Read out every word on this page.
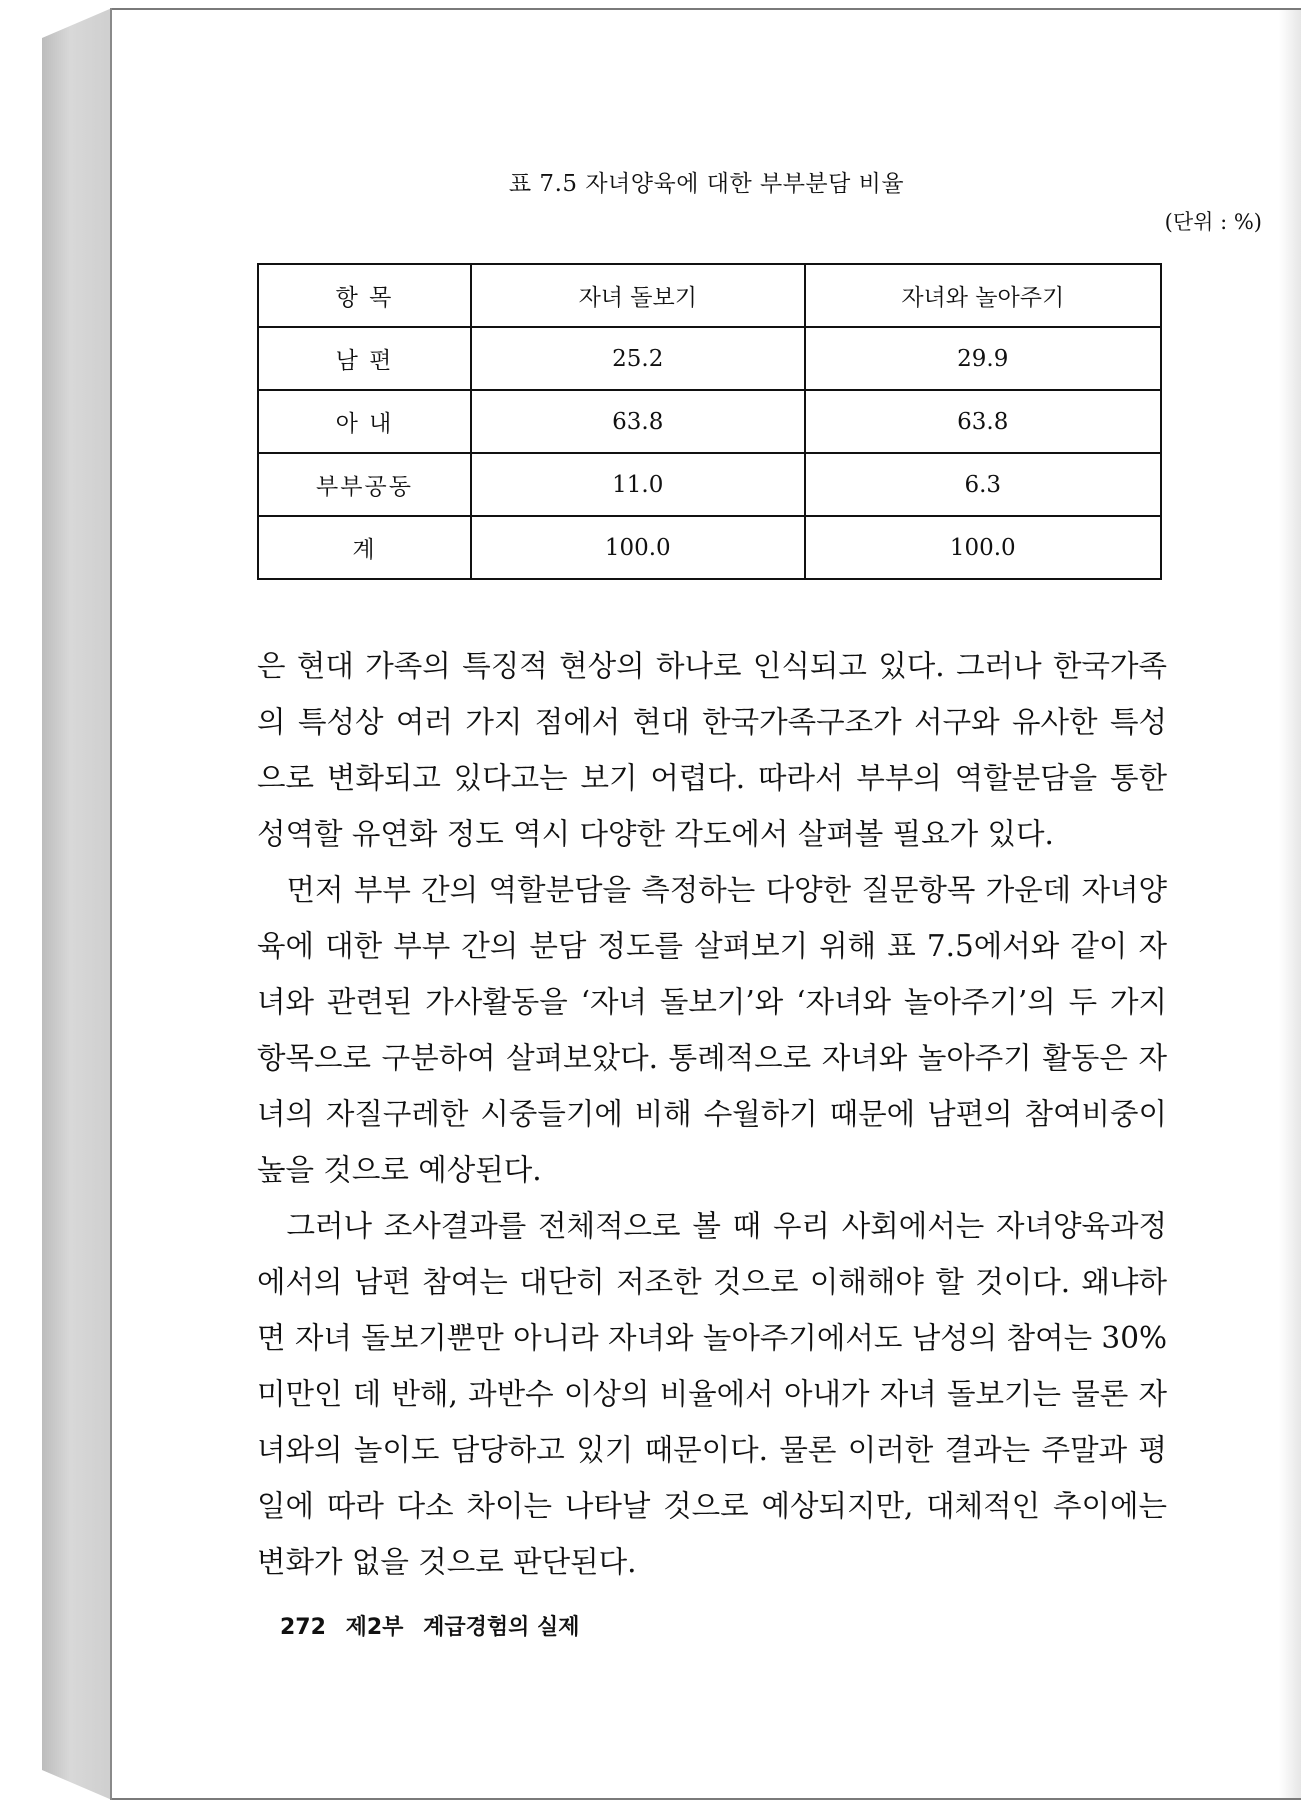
표 7.5 자녀양육에 대한 부부분담 비율
(단위 : %)
항 목	자녀 돌보기	자녀와 놀아주기
남 편	25.2	29.9
아 내	63.8	63.8
부부공동	11.0	6.3
계	100.0	100.0

은 현대 가족의 특징적 현상의 하나로 인식되고 있다. 그러나 한국가족의 특성상 여러 가지 점에서 현대 한국가족구조가 서구와 유사한 특성으로 변화되고 있다고는 보기 어렵다. 따라서 부부의 역할분담을 통한 성역할 유연화 정도 역시 다양한 각도에서 살펴볼 필요가 있다.

먼저 부부 간의 역할분담을 측정하는 다양한 질문항목 가운데 자녀양육에 대한 부부 간의 분담 정도를 살펴보기 위해 표 7.5에서와 같이 자녀와 관련된 가사활동을 ‘자녀 돌보기’와 ‘자녀와 놀아주기’의 두 가지 항목으로 구분하여 살펴보았다. 통례적으로 자녀와 놀아주기 활동은 자녀의 자질구레한 시중들기에 비해 수월하기 때문에 남편의 참여비중이 높을 것으로 예상된다.

그러나 조사결과를 전체적으로 볼 때 우리 사회에서는 자녀양육과정에서의 남편 참여는 대단히 저조한 것으로 이해해야 할 것이다. 왜냐하면 자녀 돌보기뿐만 아니라 자녀와 놀아주기에서도 남성의 참여는 30% 미만인 데 반해, 과반수 이상의 비율에서 아내가 자녀 돌보기는 물론 자녀와의 놀이도 담당하고 있기 때문이다. 물론 이러한 결과는 주말과 평일에 따라 다소 차이는 나타날 것으로 예상되지만, 대체적인 추이에는 변화가 없을 것으로 판단된다.

272 제2부 계급경험의 실제
